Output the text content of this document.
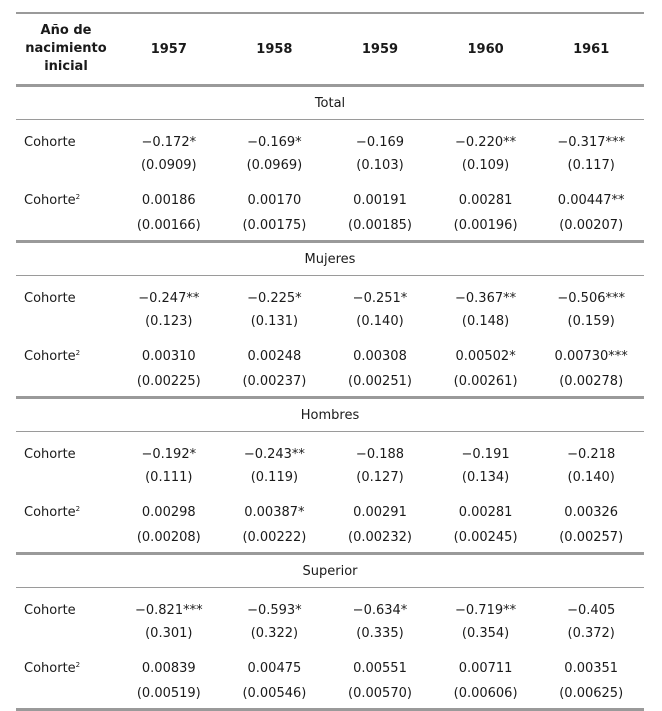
Año de
nacimiento
inicial	1957	1958	1959	1960	1961
Total					
Cohorte	−0.172*	−0.169*	−0.169	−0.220**	−0.317***
	(0.0909)	(0.0969)	(0.103)	(0.109)	(0.117)
Cohorte$^2$	0.00186	0.00170	0.00191	0.00281	0.00447**
	(0.00166)	(0.00175)	(0.00185)	(0.00196)	(0.00207)
Mujeres					
Cohorte	−0.247**	−0.225*	−0.251*	−0.367**	−0.506***
	(0.123)	(0.131)	(0.140)	(0.148)	(0.159)
Cohorte$^2$	0.00310	0.00248	0.00308	0.00502*	0.00730***
	(0.00225)	(0.00237)	(0.00251)	(0.00261)	(0.00278)
Hombres					
Cohorte	−0.192*	−0.243**	−0.188	−0.191	−0.218
	(0.111)	(0.119)	(0.127)	(0.134)	(0.140)
Cohorte$^2$	0.00298	0.00387*	0.00291	0.00281	0.00326
	(0.00208)	(0.00222)	(0.00232)	(0.00245)	(0.00257)
Superior					
Cohorte	−0.821***	−0.593*	−0.634*	−0.719**	−0.405
	(0.301)	(0.322)	(0.335)	(0.354)	(0.372)
Cohorte$^2$	0.00839	0.00475	0.00551	0.00711	0.00351
	(0.00519)	(0.00546)	(0.00570)	(0.00606)	(0.00625)
